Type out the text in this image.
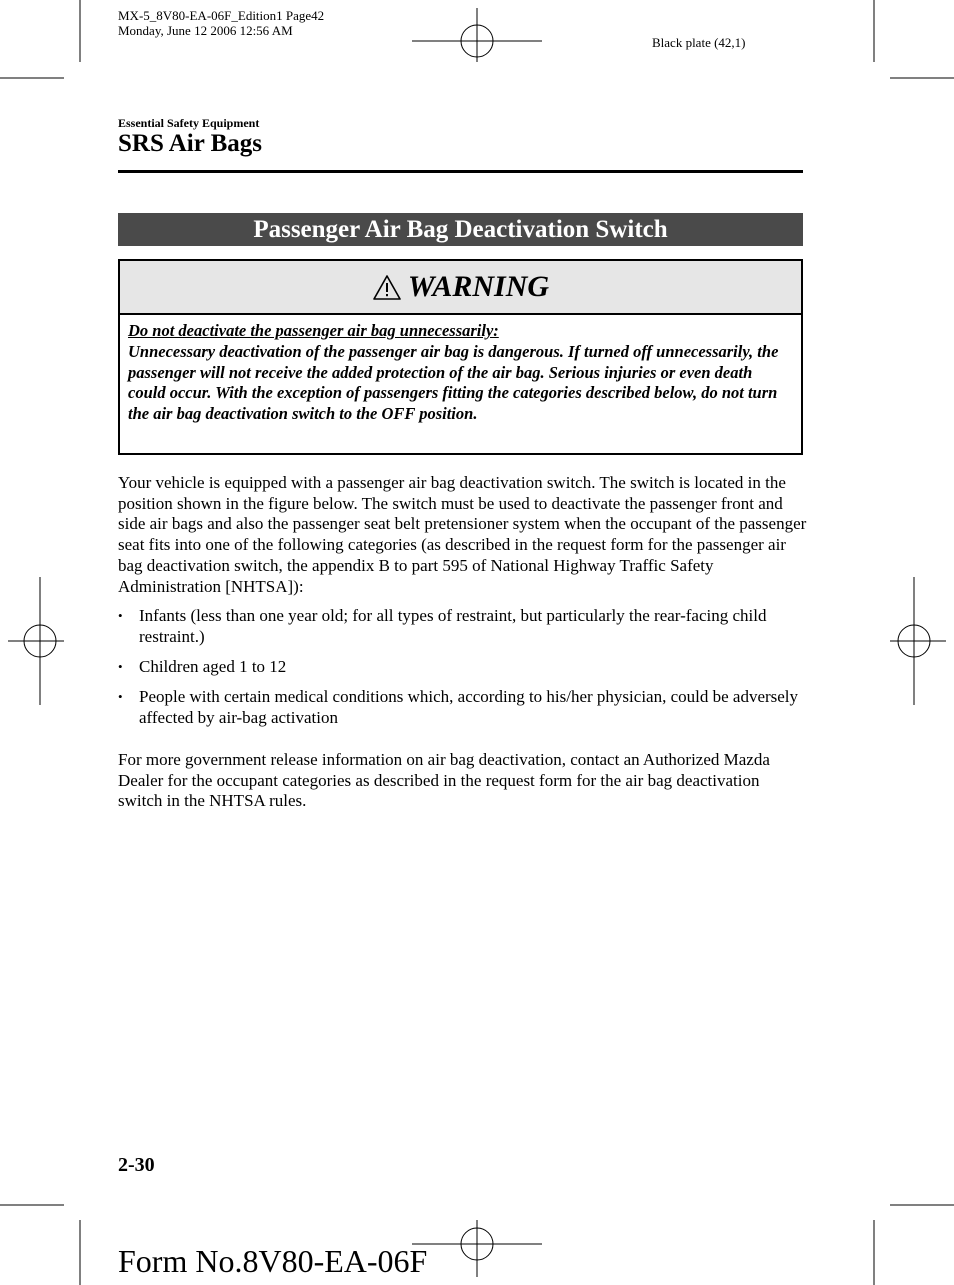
MX-5_8V80-EA-06F_Edition1 Page42
Monday, June 12 2006 12:56 AM
Black plate (42,1)
Essential Safety Equipment
SRS Air Bags
Passenger Air Bag Deactivation Switch
WARNING
Do not deactivate the passenger air bag unnecessarily:
Unnecessary deactivation of the passenger air bag is dangerous. If turned off unnecessarily, the passenger will not receive the added protection of the air bag. Serious injuries or even death could occur. With the exception of passengers fitting the categories described below, do not turn the air bag deactivation switch to the OFF position.
Your vehicle is equipped with a passenger air bag deactivation switch. The switch is located in the position shown in the figure below. The switch must be used to deactivate the passenger front and side air bags and also the passenger seat belt pretensioner system when the occupant of the passenger seat fits into one of the following categories (as described in the request form for the passenger air bag deactivation switch, the appendix B to part 595 of National Highway Traffic Safety Administration [NHTSA]):
• Infants (less than one year old; for all types of restraint, but particularly the rear-facing child restraint.)
• Children aged 1 to 12
• People with certain medical conditions which, according to his/her physician, could be adversely affected by air-bag activation
For more government release information on air bag deactivation, contact an Authorized Mazda Dealer for the occupant categories as described in the request form for the air bag deactivation switch in the NHTSA rules.
2-30
Form No.8V80-EA-06F
